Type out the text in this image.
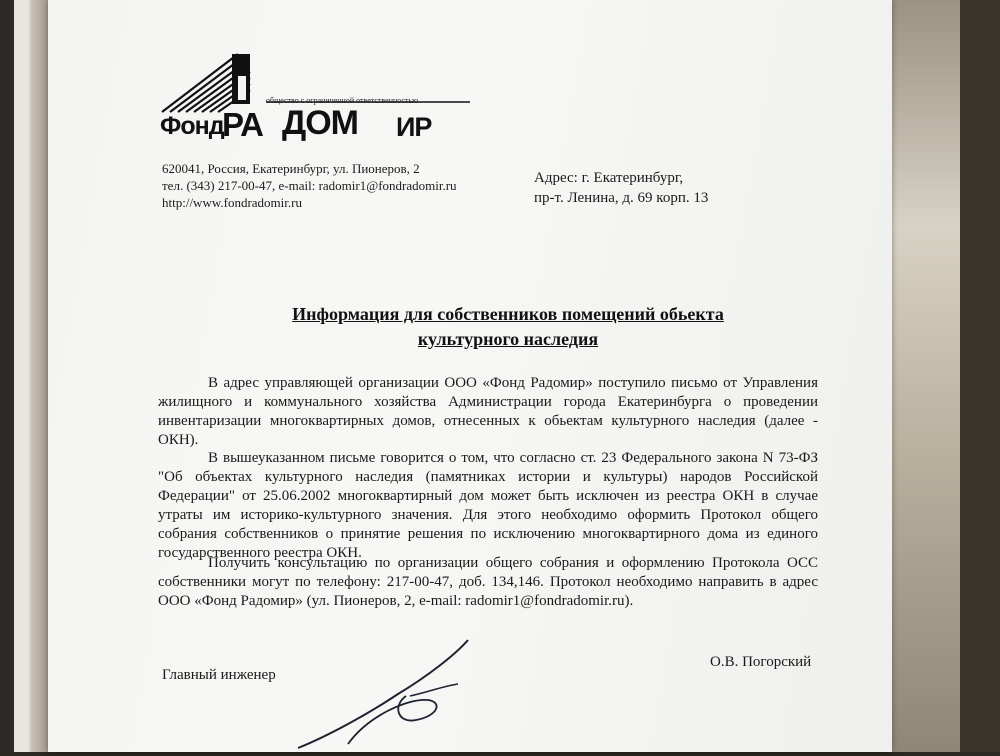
общество с ограниченной ответственностью
Фонд
РА ДОМ ИР
620041, Россия, Екатеринбург, ул. Пионеров, 2
тел. (343) 217-00-47, e-mail: radomir1@fondradomir.ru
http://www.fondradomir.ru
Адрес: г. Екатеринбург,
пр-т. Ленина, д. 69 корп. 13
Информация для собственников помещений обьекта
культурного наследия
В адрес управляющей организации ООО «Фонд Радомир» поступило письмо от Управления жилищного и коммунального хозяйства Администрации города Екатеринбурга о проведении инвентаризации многоквартирных домов, отнесенных к обьектам культурного наследия (далее - ОКН).
В вышеуказанном письме говорится о том, что согласно ст. 23 Федерального закона N 73-ФЗ "Об объектах культурного наследия (памятниках истории и культуры) народов Российской Федерации" от 25.06.2002 многоквартирный дом может быть исключен из реестра ОКН в случае утраты им историко-культурного значения. Для этого необходимо оформить Протокол общего собрания собственников о принятие решения по исключению многоквартирного дома из единого государственного реестра ОКН.
Получить консультацию по организации общего собрания и оформлению Протокола ОСС собственники могут по телефону: 217-00-47, доб. 134,146. Протокол необходимо направить в адрес ООО «Фонд Радомир» (ул. Пионеров, 2, e-mail: radomir1@fondradomir.ru).
Главный инженер
О.В. Погорский
